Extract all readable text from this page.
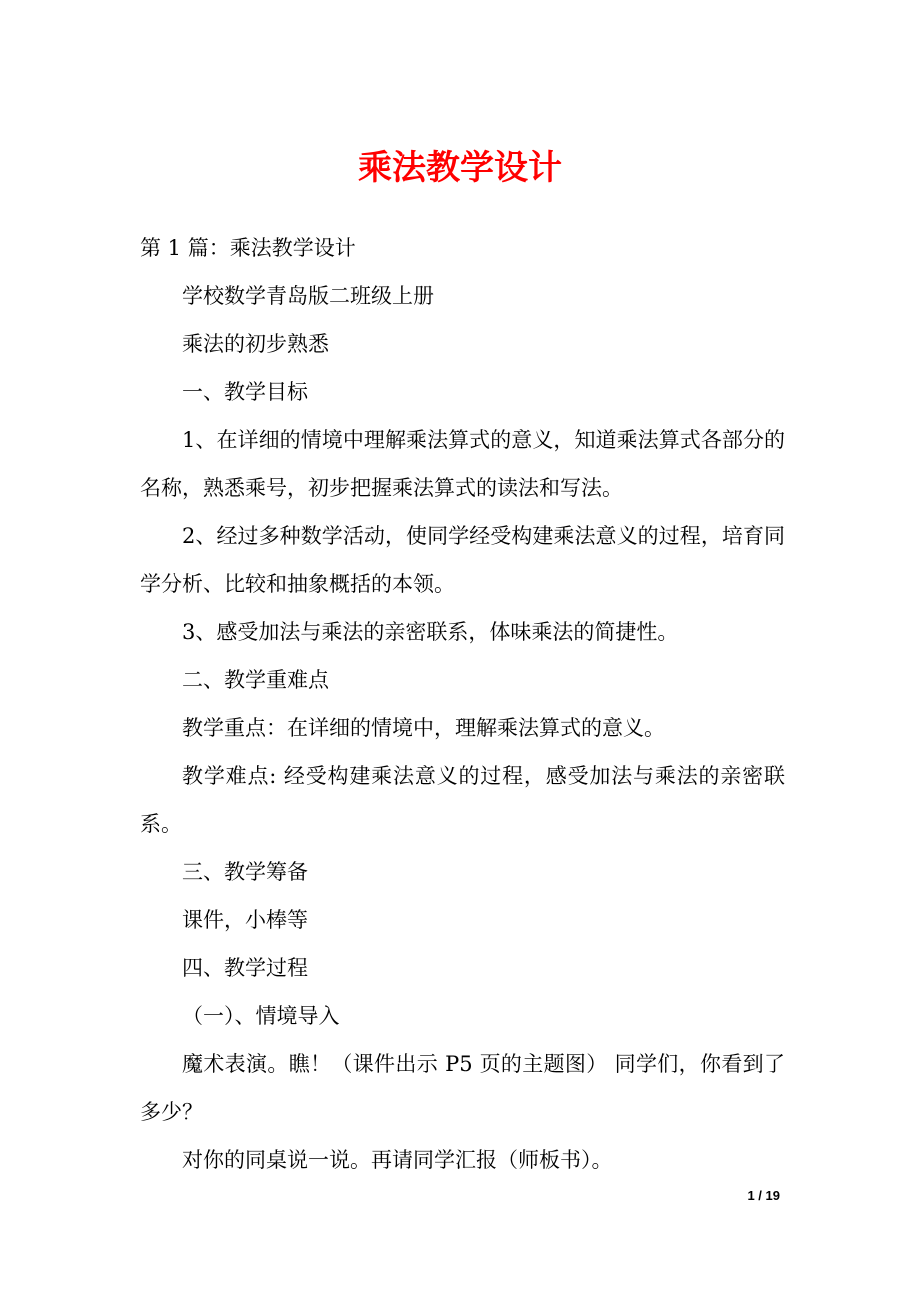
乘法教学设计

第 1 篇：乘法教学设计

学校数学青岛版二班级上册

乘法的初步熟悉

一、教学目标

1、在详细的情境中理解乘法算式的意义，知道乘法算式各部分的名称，熟悉乘号，初步把握乘法算式的读法和写法。

2、经过多种数学活动，使同学经受构建乘法意义的过程，培育同学分析、比较和抽象概括的本领。

3、感受加法与乘法的亲密联系，体味乘法的简捷性。

二、教学重难点

教学重点：在详细的情境中，理解乘法算式的意义。

教学难点: 经受构建乘法意义的过程，感受加法与乘法的亲密联系。

三、教学筹备

课件，小棒等

四、教学过程

（一）、情境导入

魔术表演。瞧！（课件出示 P5 页的主题图） 同学们，你看到了多少？

对你的同桌说一说。再请同学汇报（师板书）。

1 / 19
